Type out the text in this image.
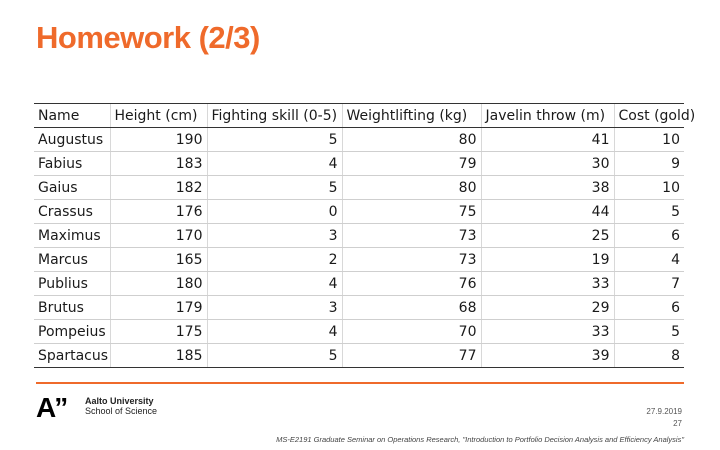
Homework (2/3)
Name	Height (cm)	Fighting skill (0-5)	Weightlifting (kg)	Javelin throw (m)	Cost (gold)
Augustus	190	5	80	41	10
Fabius	183	4	79	30	9
Gaius	182	5	80	38	10
Crassus	176	0	75	44	5
Maximus	170	3	73	25	6
Marcus	165	2	73	19	4
Publius	180	4	76	33	7
Brutus	179	3	68	29	6
Pompeius	175	4	70	33	5
Spartacus	185	5	77	39	8
A” Aalto University
School of Science	27.9.2019
27
MS-E2191 Graduate Seminar on Operations Research, "Introduction to Portfolio Decision Analysis and Efficiency Analysis"
